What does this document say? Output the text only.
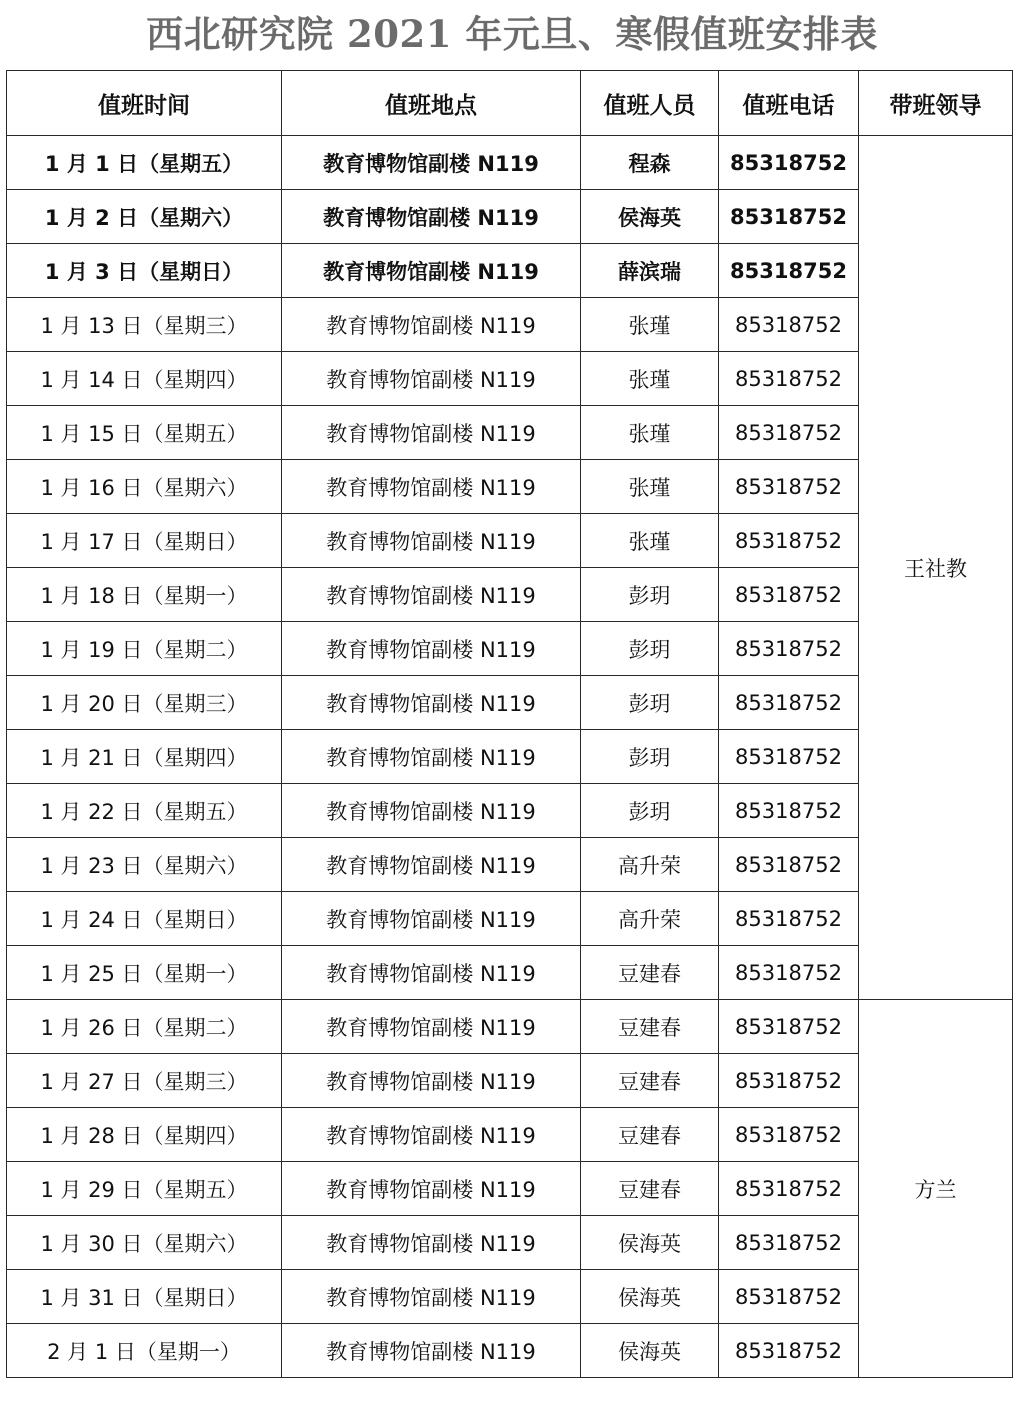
西北研究院 2021 年元旦、寒假值班安排表
值班时间	值班地点	值班人员	值班电话	带班领导
1 月 1 日（星期五）	教育博物馆副楼 N119	程森	85318752	王社教
1 月 2 日（星期六）	教育博物馆副楼 N119	侯海英	85318752	
1 月 3 日（星期日）	教育博物馆副楼 N119	薛滨瑞	85318752	
1 月 13 日（星期三）	教育博物馆副楼 N119	张瑾	85318752	
1 月 14 日（星期四）	教育博物馆副楼 N119	张瑾	85318752	
1 月 15 日（星期五）	教育博物馆副楼 N119	张瑾	85318752	
1 月 16 日（星期六）	教育博物馆副楼 N119	张瑾	85318752	
1 月 17 日（星期日）	教育博物馆副楼 N119	张瑾	85318752	
1 月 18 日（星期一）	教育博物馆副楼 N119	彭玥	85318752	
1 月 19 日（星期二）	教育博物馆副楼 N119	彭玥	85318752	
1 月 20 日（星期三）	教育博物馆副楼 N119	彭玥	85318752	
1 月 21 日（星期四）	教育博物馆副楼 N119	彭玥	85318752	
1 月 22 日（星期五）	教育博物馆副楼 N119	彭玥	85318752	
1 月 23 日（星期六）	教育博物馆副楼 N119	高升荣	85318752	
1 月 24 日（星期日）	教育博物馆副楼 N119	高升荣	85318752	
1 月 25 日（星期一）	教育博物馆副楼 N119	豆建春	85318752	
1 月 26 日（星期二）	教育博物馆副楼 N119	豆建春	85318752	方兰
1 月 27 日（星期三）	教育博物馆副楼 N119	豆建春	85318752	
1 月 28 日（星期四）	教育博物馆副楼 N119	豆建春	85318752	
1 月 29 日（星期五）	教育博物馆副楼 N119	豆建春	85318752	
1 月 30 日（星期六）	教育博物馆副楼 N119	侯海英	85318752	
1 月 31 日（星期日）	教育博物馆副楼 N119	侯海英	85318752	
2 月 1 日（星期一）	教育博物馆副楼 N119	侯海英	85318752	
